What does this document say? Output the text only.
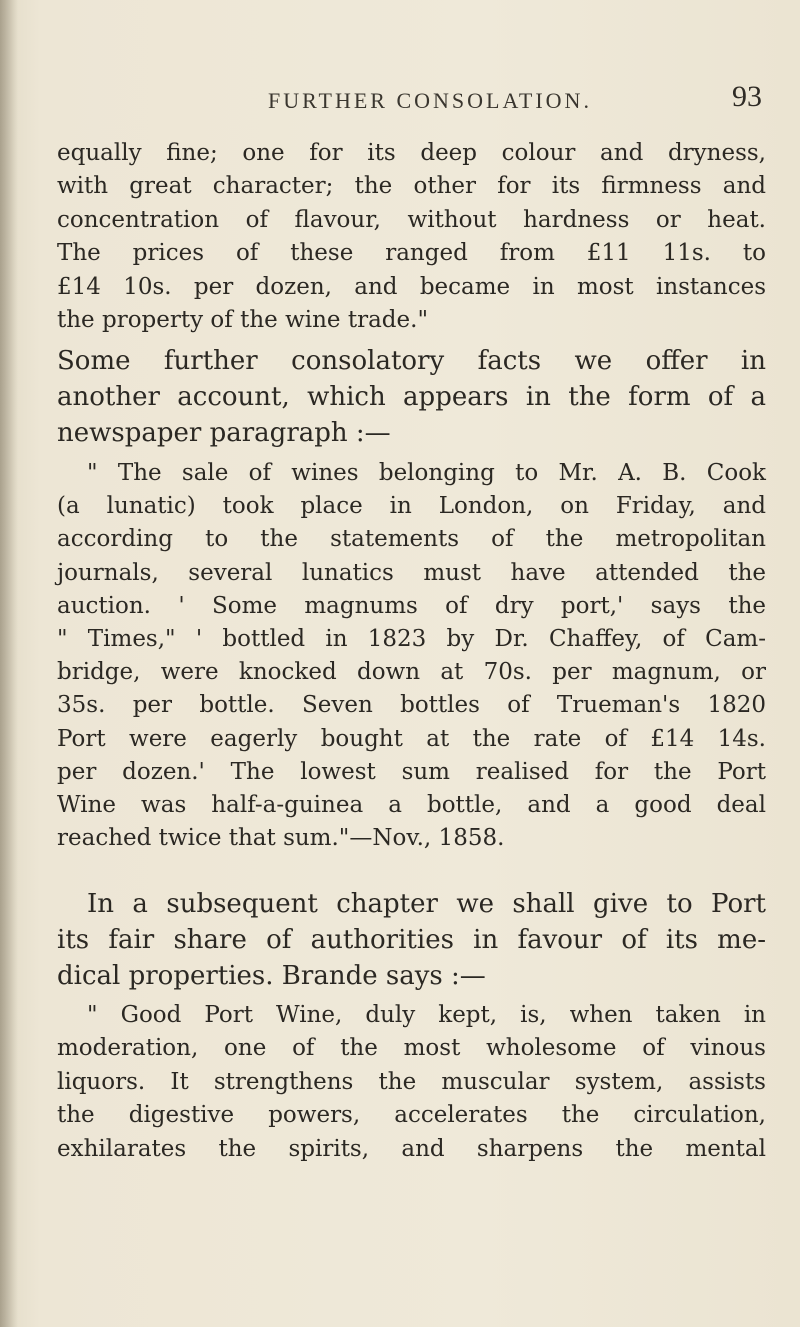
FURTHER CONSOLATION.	93
equally fine; one for its deep colour and dryness,
with great character; the other for its firmness and
concentration of flavour, without hardness or heat.
The prices of these ranged from £11 11s. to
£14 10s. per dozen, and became in most instances
the property of the wine trade."
Some further consolatory facts we offer in
another account, which appears in the form of a
newspaper paragraph :—
" The sale of wines belonging to Mr. A. B. Cook
(a lunatic) took place in London, on Friday, and
according to the statements of the metropolitan
journals, several lunatics must have attended the
auction. ' Some magnums of dry port,' says the
" Times," ' bottled in 1823 by Dr. Chaffey, of Cam-
bridge, were knocked down at 70s. per magnum, or
35s. per bottle. Seven bottles of Trueman's 1820
Port were eagerly bought at the rate of £14 14s.
per dozen.' The lowest sum realised for the Port
Wine was half-a-guinea a bottle, and a good deal
reached twice that sum."—Nov., 1858.
In a subsequent chapter we shall give to Port
its fair share of authorities in favour of its me-
dical properties. Brande says :—
" Good Port Wine, duly kept, is, when taken in
moderation, one of the most wholesome of vinous
liquors. It strengthens the muscular system, assists
the digestive powers, accelerates the circulation,
exhilarates the spirits, and sharpens the mental
